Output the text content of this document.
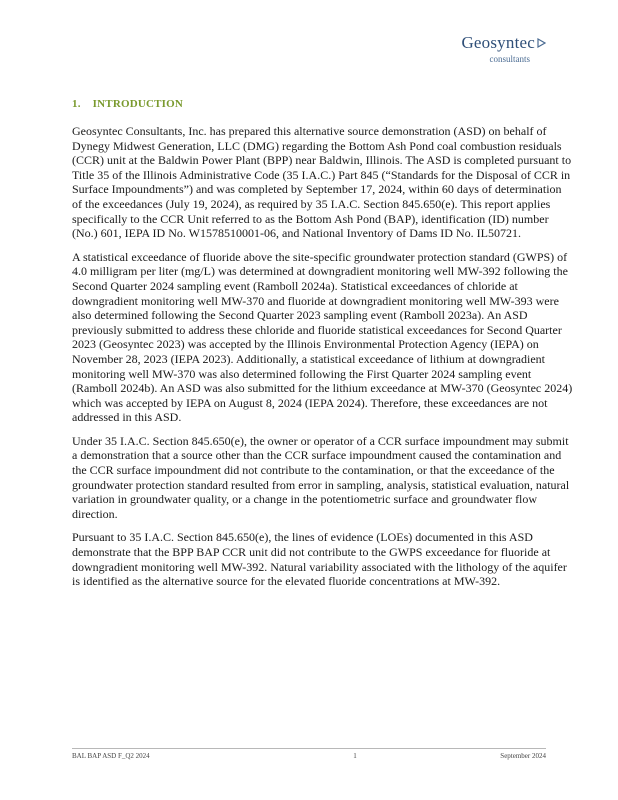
Geosyntec
consultants
1. INTRODUCTION

Geosyntec Consultants, Inc. has prepared this alternative source demonstration (ASD) on behalf of Dynegy Midwest Generation, LLC (DMG) regarding the Bottom Ash Pond coal combustion residuals (CCR) unit at the Baldwin Power Plant (BPP) near Baldwin, Illinois. The ASD is completed pursuant to Title 35 of the Illinois Administrative Code (35 I.A.C.) Part 845 (“Standards for the Disposal of CCR in Surface Impoundments”) and was completed by September 17, 2024, within 60 days of determination of the exceedances (July 19, 2024), as required by 35 I.A.C. Section 845.650(e). This report applies specifically to the CCR Unit referred to as the Bottom Ash Pond (BAP), identification (ID) number (No.) 601, IEPA ID No. W1578510001-06, and National Inventory of Dams ID No. IL50721.

A statistical exceedance of fluoride above the site-specific groundwater protection standard (GWPS) of 4.0 milligram per liter (mg/L) was determined at downgradient monitoring well MW-392 following the Second Quarter 2024 sampling event (Ramboll 2024a). Statistical exceedances of chloride at downgradient monitoring well MW-370 and fluoride at downgradient monitoring well MW-393 were also determined following the Second Quarter 2023 sampling event (Ramboll 2023a). An ASD previously submitted to address these chloride and fluoride statistical exceedances for Second Quarter 2023 (Geosyntec 2023) was accepted by the Illinois Environmental Protection Agency (IEPA) on November 28, 2023 (IEPA 2023). Additionally, a statistical exceedance of lithium at downgradient monitoring well MW-370 was also determined following the First Quarter 2024 sampling event (Ramboll 2024b). An ASD was also submitted for the lithium exceedance at MW-370 (Geosyntec 2024) which was accepted by IEPA on August 8, 2024 (IEPA 2024). Therefore, these exceedances are not addressed in this ASD.

Under 35 I.A.C. Section 845.650(e), the owner or operator of a CCR surface impoundment may submit a demonstration that a source other than the CCR surface impoundment caused the contamination and the CCR surface impoundment did not contribute to the contamination, or that the exceedance of the groundwater protection standard resulted from error in sampling, analysis, statistical evaluation, natural variation in groundwater quality, or a change in the potentiometric surface and groundwater flow direction.

Pursuant to 35 I.A.C. Section 845.650(e), the lines of evidence (LOEs) documented in this ASD demonstrate that the BPP BAP CCR unit did not contribute to the GWPS exceedance for fluoride at downgradient monitoring well MW-392. Natural variability associated with the lithology of the aquifer is identified as the alternative source for the elevated fluoride concentrations at MW-392.

BAL BAP ASD F_Q2 2024	1	September 2024
